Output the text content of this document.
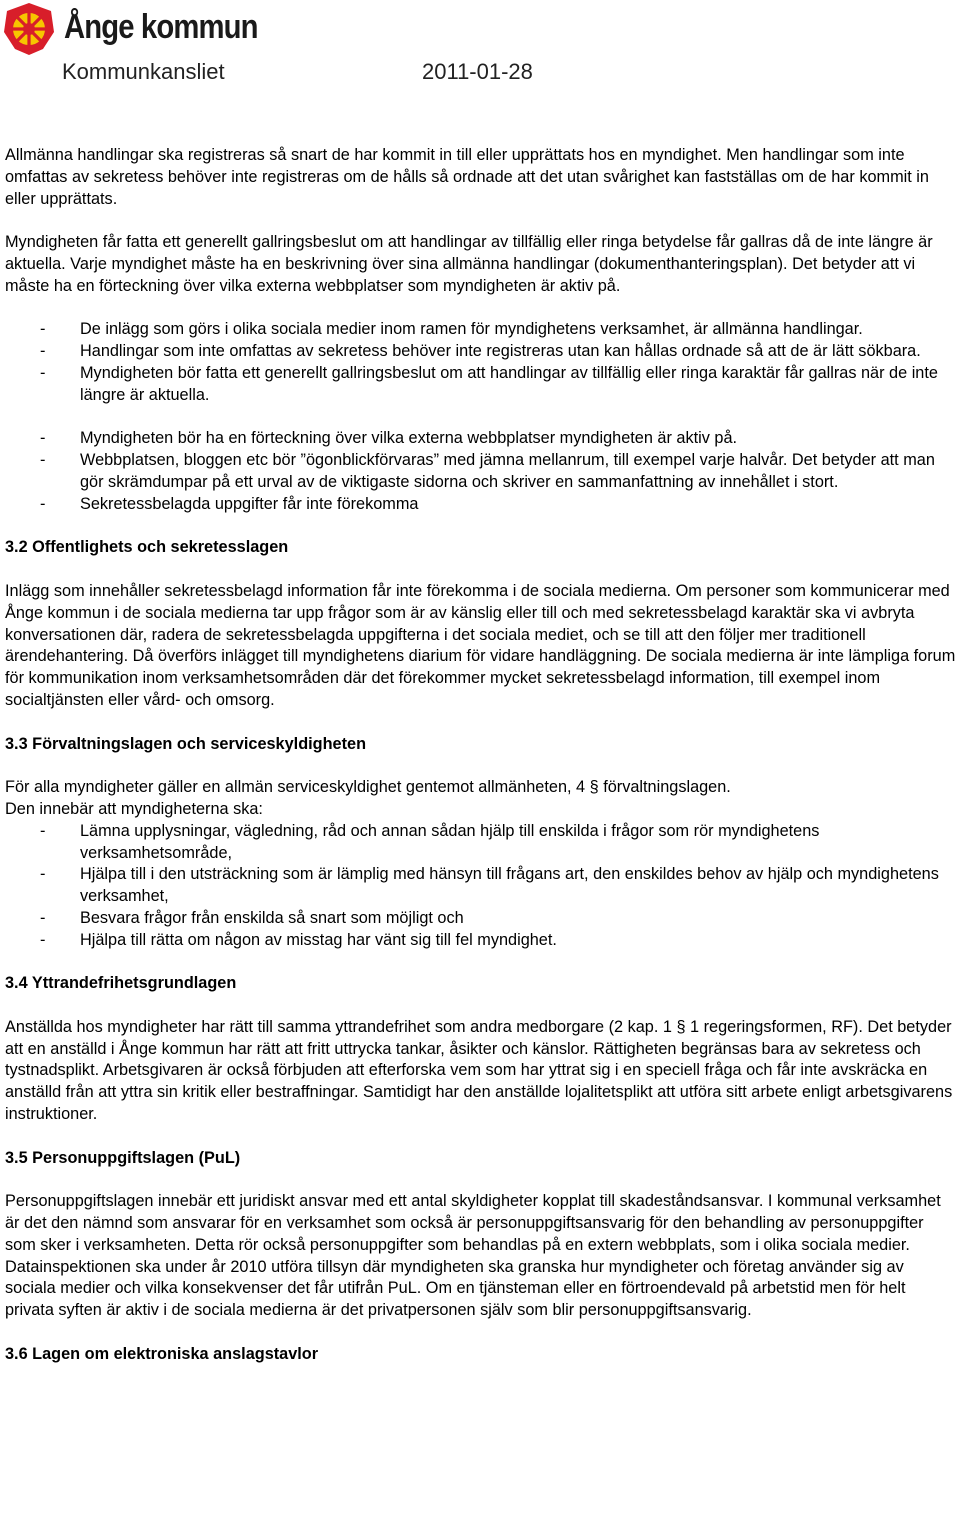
Ånge kommun
Kommunkansliet	2011-01-28

Allmänna handlingar ska registreras så snart de har kommit in till eller upprättats hos en myndighet. Men handlingar som inte omfattas av sekretess behöver inte registreras om de hålls så ordnade att det utan svårighet kan fastställas om de har kommit in eller upprättats.

Myndigheten får fatta ett generellt gallringsbeslut om att handlingar av tillfällig eller ringa betydelse får gallras då de inte längre är aktuella. Varje myndighet måste ha en beskrivning över sina allmänna handlingar (dokumenthanteringsplan). Det betyder att vi måste ha en förteckning över vilka externa webbplatser som myndigheten är aktiv på.

- De inlägg som görs i olika sociala medier inom ramen för myndighetens verksamhet, är allmänna handlingar.
- Handlingar som inte omfattas av sekretess behöver inte registreras utan kan hållas ordnade så att de är lätt sökbara.
- Myndigheten bör fatta ett generellt gallringsbeslut om att handlingar av tillfällig eller ringa karaktär får gallras när de inte längre är aktuella.
- Myndigheten bör ha en förteckning över vilka externa webbplatser myndigheten är aktiv på.
- Webbplatsen, bloggen etc bör ”ögonblickförvaras” med jämna mellanrum, till exempel varje halvår. Det betyder att man gör skrämdumpar på ett urval av de viktigaste sidorna och skriver en sammanfattning av innehållet i stort.
- Sekretessbelagda uppgifter får inte förekomma
3.2 Offentlighets och sekretesslagen

Inlägg som innehåller sekretessbelagd information får inte förekomma i de sociala medierna. Om personer som kommunicerar med Ånge kommun i de sociala medierna tar upp frågor som är av känslig eller till och med sekretessbelagd karaktär ska vi avbryta konversationen där, radera de sekretessbelagda uppgifterna i det sociala mediet, och se till att den följer mer traditionell ärendehantering. Då överförs inlägget till myndighetens diarium för vidare handläggning. De sociala medierna är inte lämpliga forum för kommunikation inom verksamhetsområden där det förekommer mycket sekretessbelagd information, till exempel inom socialtjänsten eller vård- och omsorg.

3.3 Förvaltningslagen och serviceskyldigheten

För alla myndigheter gäller en allmän serviceskyldighet gentemot allmänheten, 4 § förvaltningslagen.

Den innebär att myndigheterna ska:

- Lämna upplysningar, vägledning, råd och annan sådan hjälp till enskilda i frågor som rör myndighetens verksamhetsområde,
- Hjälpa till i den utsträckning som är lämplig med hänsyn till frågans art, den enskildes behov av hjälp och myndighetens verksamhet,
- Besvara frågor från enskilda så snart som möjligt och
- Hjälpa till rätta om någon av misstag har vänt sig till fel myndighet.
3.4 Yttrandefrihetsgrundlagen

Anställda hos myndigheter har rätt till samma yttrandefrihet som andra medborgare (2 kap. 1 § 1 regeringsformen, RF). Det betyder att en anställd i Ånge kommun har rätt att fritt uttrycka tankar, åsikter och känslor. Rättigheten begränsas bara av sekretess och tystnadsplikt. Arbetsgivaren är också förbjuden att efterforska vem som har yttrat sig i en speciell fråga och får inte avskräcka en anställd från att yttra sin kritik eller bestraffningar. Samtidigt har den anställde lojalitetsplikt att utföra sitt arbete enligt arbetsgivarens instruktioner.

3.5 Personuppgiftslagen (PuL)

Personuppgiftslagen innebär ett juridiskt ansvar med ett antal skyldigheter kopplat till skadeståndsansvar. I kommunal verksamhet är det den nämnd som ansvarar för en verksamhet som också är personuppgiftsansvarig för den behandling av personuppgifter som sker i verksamheten. Detta rör också personuppgifter som behandlas på en extern webbplats, som i olika sociala medier. Datainspektionen ska under år 2010 utföra tillsyn där myndigheten ska granska hur myndigheter och företag använder sig av sociala medier och vilka konsekvenser det får utifrån PuL. Om en tjänsteman eller en förtroendevald på arbetstid men för helt privata syften är aktiv i de sociala medierna är det privatpersonen själv som blir personuppgiftsansvarig.

3.6 Lagen om elektroniska anslagstavlor
